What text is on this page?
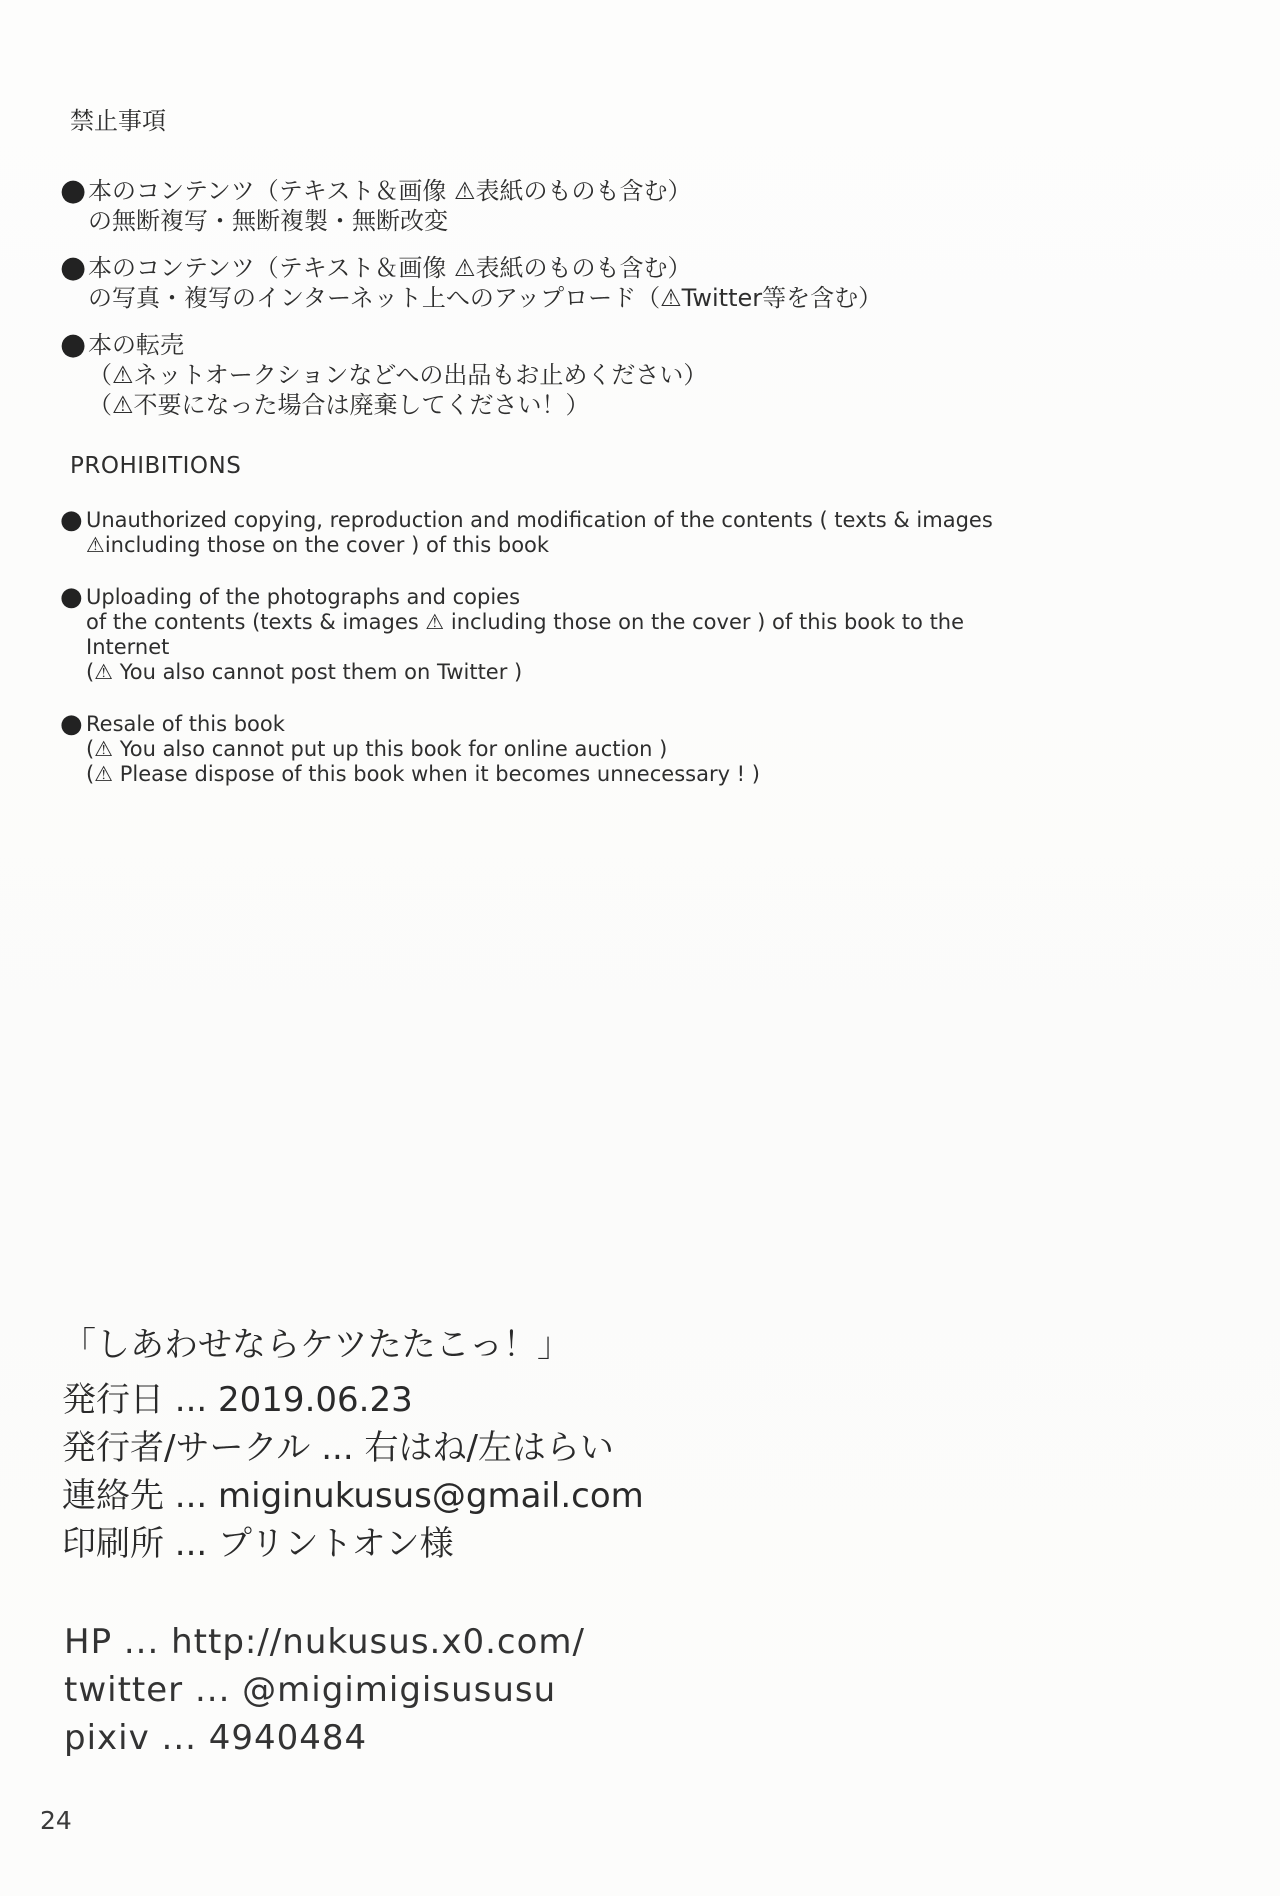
禁止事項
● 本のコンテンツ（テキスト＆画像 ⚠表紙のものも含む）
の無断複写・無断複製・無断改変
● 本のコンテンツ（テキスト＆画像 ⚠表紙のものも含む）
の写真・複写のインターネット上へのアップロード（⚠Twitter等を含む）
● 本の転売
（⚠ネットオークションなどへの出品もお止めください）
（⚠不要になった場合は廃棄してください！）
PROHIBITIONS
● Unauthorized copying, reproduction and modification of the contents ( texts & images
⚠including those on the cover ) of this book
● Uploading of the photographs and copies
of the contents (texts & images ⚠ including those on the cover ) of this book to the
Internet
(⚠ You also cannot post them on Twitter )
● Resale of this book
(⚠ You also cannot put up this book for online auction )
(⚠ Please dispose of this book when it becomes unnecessary ! )
「しあわせならケツたたこっ！」
発行日 ... 2019.06.23
発行者/サークル ... 右はね/左はらい
連絡先 ... miginukusus@gmail.com
印刷所 ... プリントオン様
HP ... http://nukusus.x0.com/
twitter ... @migimigisususu
pixiv ... 4940484
24
